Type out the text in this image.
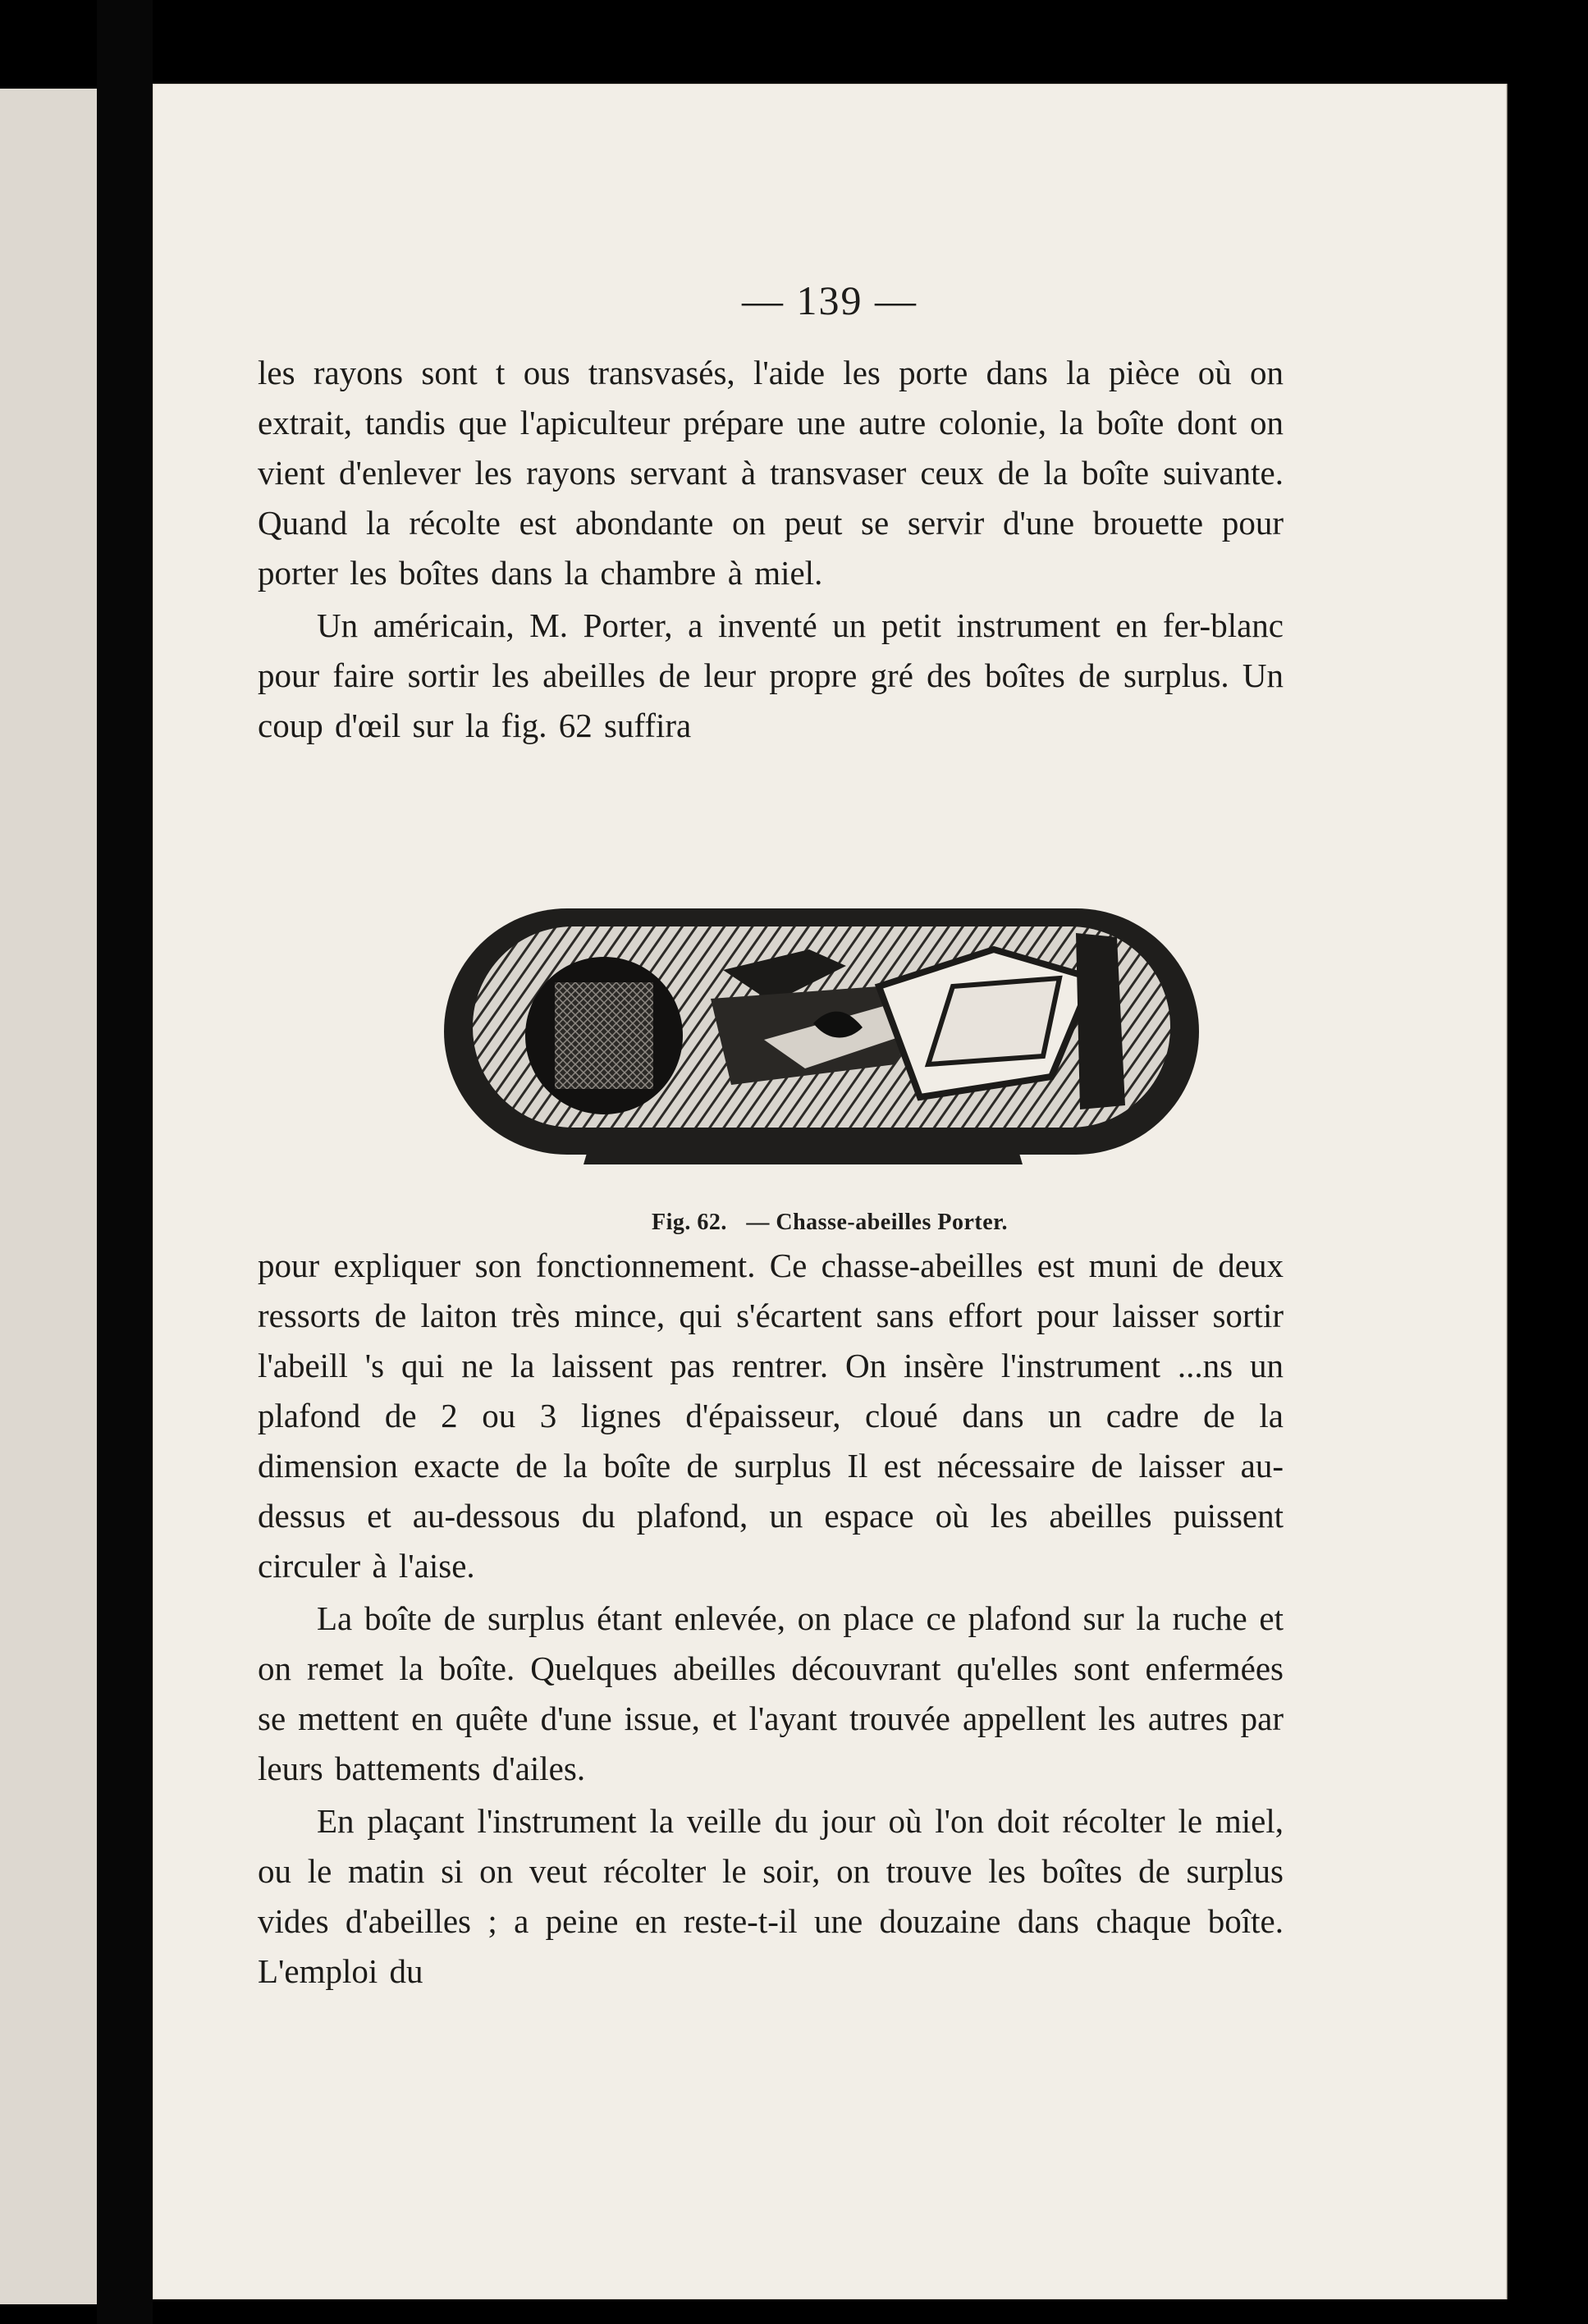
— 139 —

les rayons sont t ous transvasés, l'aide les porte dans la pièce où on extrait, tandis que l'apiculteur prépare une autre colonie, la boîte dont on vient d'enlever les rayons servant à transvaser ceux de la boîte suivante. Quand la récolte est abondante on peut se servir d'une brouette pour porter les boîtes dans la chambre à miel.

Un américain, M. Porter, a inventé un petit instrument en fer-blanc pour faire sortir les abeilles de leur propre gré des boîtes de surplus. Un coup d'œil sur la fig. 62 suffira

Fig. 62. — Chasse-abeilles Porter.

pour expliquer son fonctionnement. Ce chasse-abeilles est muni de deux ressorts de laiton très mince, qui s'écartent sans effort pour laisser sortir l'abeill 's qui ne la laissent pas rentrer. On insère l'instrument ...ns un plafond de 2 ou 3 lignes d'épaisseur, cloué dans un cadre de la dimension exacte de la boîte de surplus Il est nécessaire de laisser au-dessus et au-dessous du plafond, un espace où les abeilles puissent circuler à l'aise.

La boîte de surplus étant enlevée, on place ce plafond sur la ruche et on remet la boîte. Quelques abeilles découvrant qu'elles sont enfermées se mettent en quête d'une issue, et l'ayant trouvée appellent les autres par leurs battements d'ailes.

En plaçant l'instrument la veille du jour où l'on doit récolter le miel, ou le matin si on veut récolter le soir, on trouve les boîtes de surplus vides d'abeilles ; a peine en reste-t-il une douzaine dans chaque boîte. L'emploi du
